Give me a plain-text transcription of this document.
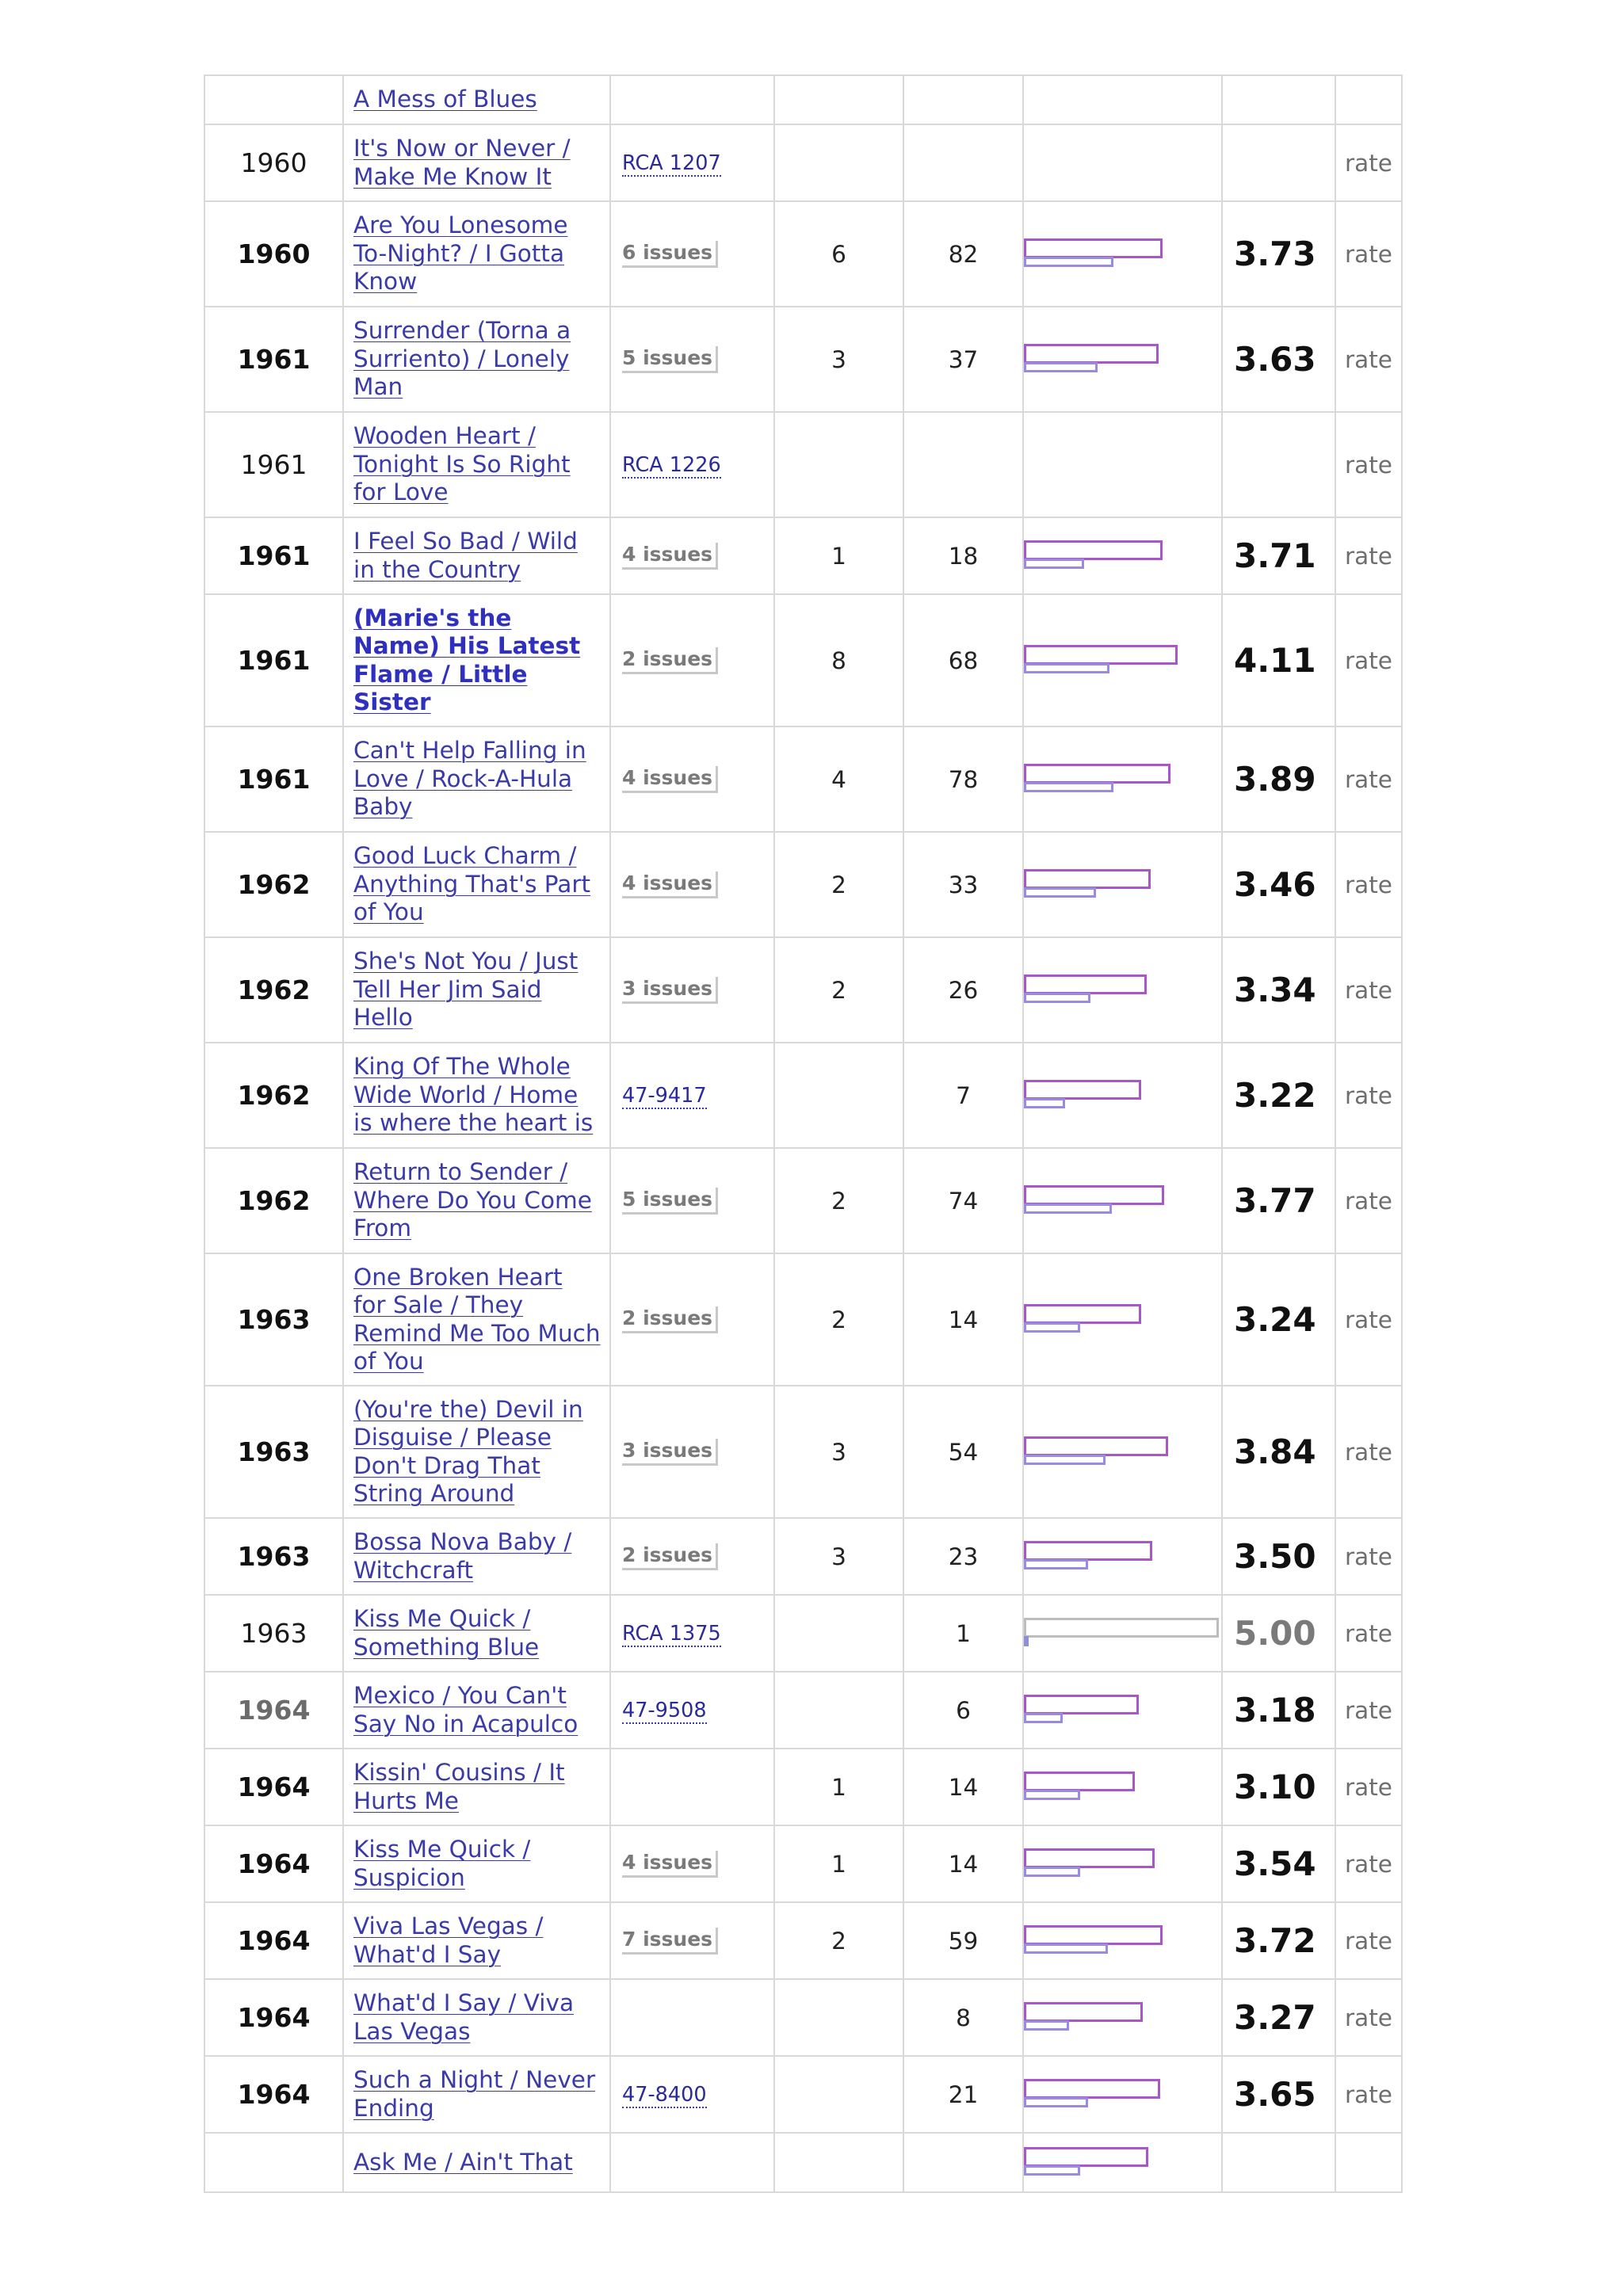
	A Mess of Blues						
1960	It's Now or Never / Make Me Know It	RCA 1207					rate
1960	Are You Lonesome To-Night? / I Gotta Know	6 issues	6	82		3.73	rate
1961	Surrender (Torna a Surriento) / Lonely Man	5 issues	3	37		3.63	rate
1961	Wooden Heart / Tonight Is So Right for Love	RCA 1226					rate
1961	I Feel So Bad / Wild in the Country	4 issues	1	18		3.71	rate
1961	(Marie's the Name) His Latest Flame / Little Sister	2 issues	8	68		4.11	rate
1961	Can't Help Falling in Love / Rock-A-Hula Baby	4 issues	4	78		3.89	rate
1962	Good Luck Charm / Anything That's Part of You	4 issues	2	33		3.46	rate
1962	She's Not You / Just Tell Her Jim Said Hello	3 issues	2	26		3.34	rate
1962	King Of The Whole Wide World / Home is where the heart is	47-9417		7		3.22	rate
1962	Return to Sender / Where Do You Come From	5 issues	2	74		3.77	rate
1963	One Broken Heart for Sale / They Remind Me Too Much of You	2 issues	2	14		3.24	rate
1963	(You're the) Devil in Disguise / Please Don't Drag That String Around	3 issues	3	54		3.84	rate
1963	Bossa Nova Baby / Witchcraft	2 issues	3	23		3.50	rate
1963	Kiss Me Quick / Something Blue	RCA 1375		1		5.00	rate
1964	Mexico / You Can't Say No in Acapulco	47-9508		6		3.18	rate
1964	Kissin' Cousins / It Hurts Me		1	14		3.10	rate
1964	Kiss Me Quick / Suspicion	4 issues	1	14		3.54	rate
1964	Viva Las Vegas / What'd I Say	7 issues	2	59		3.72	rate
1964	What'd I Say / Viva Las Vegas			8		3.27	rate
1964	Such a Night / Never Ending	47-8400		21		3.65	rate
	Ask Me / Ain't That				
